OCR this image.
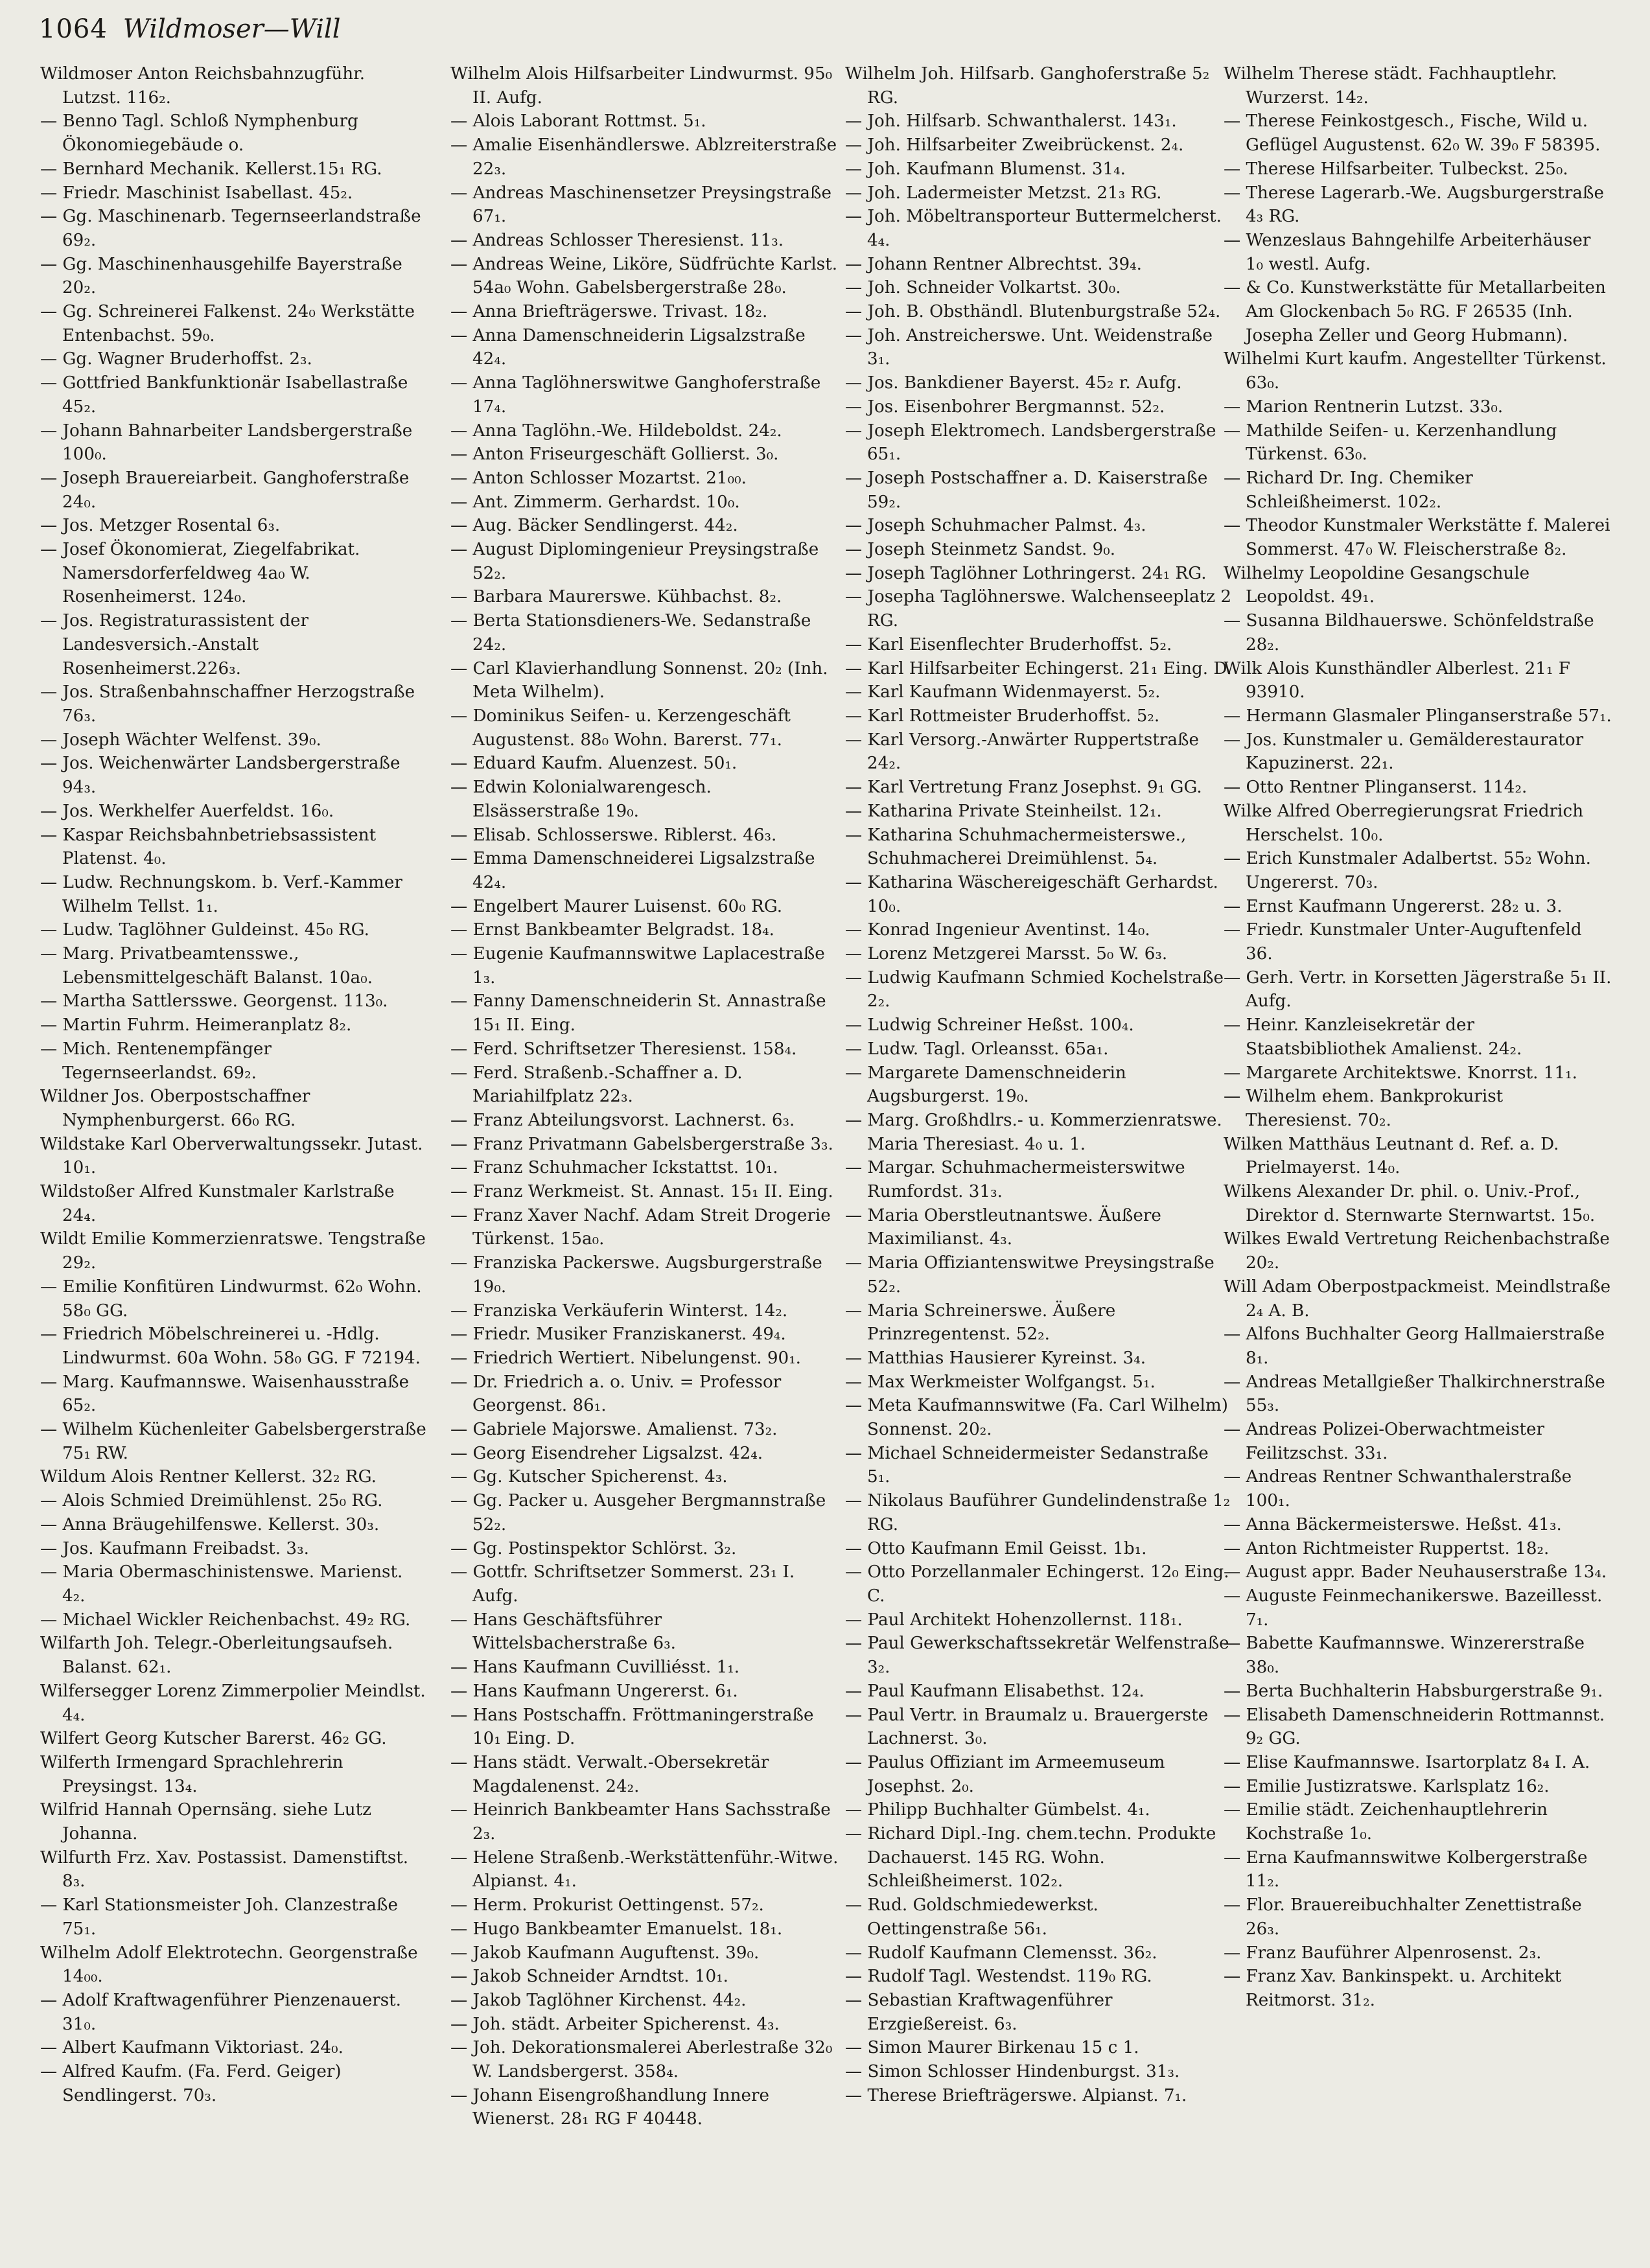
1064 Wildmoser—Will

Wildmoser Anton Reichsbahnzugführ. Lutzst. 116₂.

— Benno Tagl. Schloß Nymphenburg Ökonomiegebäude o.

— Bernhard Mechanik. Kellerst.15₁ RG.

— Friedr. Maschinist Isabellast. 45₂.

— Gg. Maschinenarb. Tegernseerlandstraße 69₂.

— Gg. Maschinenhausgehilfe Bayerstraße 20₂.

— Gg. Schreinerei Falkenst. 24₀ Werkstätte Entenbachst. 59₀.

— Gg. Wagner Bruderhoffst. 2₃.

— Gottfried Bankfunktionär Isabellastraße 45₂.

— Johann Bahnarbeiter Landsbergerstraße 100₀.

— Joseph Brauereiarbeit. Ganghoferstraße 24₀.

— Jos. Metzger Rosental 6₃.

— Josef Ökonomierat, Ziegelfabrikat. Namersdorferfeldweg 4a₀ W. Rosenheimerst. 124₀.

— Jos. Registraturassistent der Landesversich.-Anstalt Rosenheimerst.226₃.

— Jos. Straßenbahnschaffner Herzogstraße 76₃.

— Joseph Wächter Welfenst. 39₀.

— Jos. Weichenwärter Landsbergerstraße 94₃.

— Jos. Werkhelfer Auerfeldst. 16₀.

— Kaspar Reichsbahnbetriebsassistent Platenst. 4₀.

— Ludw. Rechnungskom. b. Verf.-Kammer Wilhelm Tellst. 1₁.

— Ludw. Taglöhner Guldeinst. 45₀ RG.

— Marg. Privatbeamtensswe., Lebensmittelgeschäft Balanst. 10a₀.

— Martha Sattlersswe. Georgenst. 113₀.

— Martin Fuhrm. Heimeranplatz 8₂.

— Mich. Rentenempfänger Tegernseerlandst. 69₂.

Wildner Jos. Oberpostschaffner Nymphenburgerst. 66₀ RG.

Wildstake Karl Oberverwaltungssekr. Jutast. 10₁.

Wildstoßer Alfred Kunstmaler Karlstraße 24₄.

Wildt Emilie Kommerzienratswe. Tengstraße 29₂.

— Emilie Konfitüren Lindwurmst. 62₀ Wohn. 58₀ GG.

— Friedrich Möbelschreinerei u. -Hdlg. Lindwurmst. 60a Wohn. 58₀ GG. F 72194.

— Marg. Kaufmannswe. Waisenhausstraße 65₂.

— Wilhelm Küchenleiter Gabelsbergerstraße 75₁ RW.

Wildum Alois Rentner Kellerst. 32₂ RG.

— Alois Schmied Dreimühlenst. 25₀ RG.

— Anna Bräugehilfenswe. Kellerst. 30₃.

— Jos. Kaufmann Freibadst. 3₃.

— Maria Obermaschinistenswe. Marienst. 4₂.

— Michael Wickler Reichenbachst. 49₂ RG.

Wilfarth Joh. Telegr.-Oberleitungsaufseh. Balanst. 62₁.

Wilfersegger Lorenz Zimmerpolier Meindlst. 4₄.

Wilfert Georg Kutscher Barerst. 46₂ GG.

Wilferth Irmengard Sprachlehrerin Preysingst. 13₄.

Wilfrid Hannah Opernsäng. siehe Lutz Johanna.

Wilfurth Frz. Xav. Postassist. Damenstiftst. 8₃.

— Karl Stationsmeister Joh. Clanzestraße 75₁.

Wilhelm Adolf Elektrotechn. Georgenstraße 14₀₀.

— Adolf Kraftwagenführer Pienzenauerst. 31₀.

— Albert Kaufmann Viktoriast. 24₀.

— Alfred Kaufm. (Fa. Ferd. Geiger) Sendlingerst. 70₃.

Wilhelm Alois Hilfsarbeiter Lindwurmst. 95₀ II. Aufg.

— Alois Laborant Rottmst. 5₁.

— Amalie Eisenhändlerswe. Ablzreiterstraße 22₃.

— Andreas Maschinensetzer Preysingstraße 67₁.

— Andreas Schlosser Theresienst. 11₃.

— Andreas Weine, Liköre, Südfrüchte Karlst. 54a₀ Wohn. Gabelsbergerstraße 28₀.

— Anna Briefträgerswe. Trivast. 18₂.

— Anna Damenschneiderin Ligsalzstraße 42₄.

— Anna Taglöhnerswitwe Ganghoferstraße 17₄.

— Anna Taglöhn.-We. Hildeboldst. 24₂.

— Anton Friseurgeschäft Gollierst. 3₀.

— Anton Schlosser Mozartst. 21₀₀.

— Ant. Zimmerm. Gerhardst. 10₀.

— Aug. Bäcker Sendlingerst. 44₂.

— August Diplomingenieur Preysingstraße 52₂.

— Barbara Maurerswe. Kühbachst. 8₂.

— Berta Stationsdieners-We. Sedanstraße 24₂.

— Carl Klavierhandlung Sonnenst. 20₂ (Inh. Meta Wilhelm).

— Dominikus Seifen- u. Kerzengeschäft Augustenst. 88₀ Wohn. Barerst. 77₁.

— Eduard Kaufm. Aluenzest. 50₁.

— Edwin Kolonialwarengesch. Elsässerstraße 19₀.

— Elisab. Schlosserswe. Riblerst. 46₃.

— Emma Damenschneiderei Ligsalzstraße 42₄.

— Engelbert Maurer Luisenst. 60₀ RG.

— Ernst Bankbeamter Belgradst. 18₄.

— Eugenie Kaufmannswitwe Laplacestraße 1₃.

— Fanny Damenschneiderin St. Annastraße 15₁ II. Eing.

— Ferd. Schriftsetzer Theresienst. 158₄.

— Ferd. Straßenb.-Schaffner a. D. Mariahilfplatz 22₃.

— Franz Abteilungsvorst. Lachnerst. 6₃.

— Franz Privatmann Gabelsbergerstraße 3₃.

— Franz Schuhmacher Ickstattst. 10₁.

— Franz Werkmeist. St. Annast. 15₁ II. Eing.

— Franz Xaver Nachf. Adam Streit Drogerie Türkenst. 15a₀.

— Franziska Packerswe. Augsburgerstraße 19₀.

— Franziska Verkäuferin Winterst. 14₂.

— Friedr. Musiker Franziskanerst. 49₄.

— Friedrich Wertiert. Nibelungenst. 90₁.

— Dr. Friedrich a. o. Univ. = Professor Georgenst. 86₁.

— Gabriele Majorswe. Amalienst. 73₂.

— Georg Eisendreher Ligsalzst. 42₄.

— Gg. Kutscher Spicherenst. 4₃.

— Gg. Packer u. Ausgeher Bergmannstraße 52₂.

— Gg. Postinspektor Schlörst. 3₂.

— Gottfr. Schriftsetzer Sommerst. 23₁ I. Aufg.

— Hans Geschäftsführer Wittelsbacherstraße 6₃.

— Hans Kaufmann Cuvilliésst. 1₁.

— Hans Kaufmann Ungererst. 6₁.

— Hans Postschaffn. Fröttmaningerstraße 10₁ Eing. D.

— Hans städt. Verwalt.-Obersekretär Magdalenenst. 24₂.

— Heinrich Bankbeamter Hans Sachsstraße 2₃.

— Helene Straßenb.-Werkstättenführ.-Witwe. Alpianst. 4₁.

— Herm. Prokurist Oettingenst. 57₂.

— Hugo Bankbeamter Emanuelst. 18₁.

— Jakob Kaufmann Auguftenst. 39₀.

— Jakob Schneider Arndtst. 10₁.

— Jakob Taglöhner Kirchenst. 44₂.

— Joh. städt. Arbeiter Spicherenst. 4₃.

— Joh. Dekorationsmalerei Aberlestraße 32₀ W. Landsbergerst. 358₄.

— Johann Eisengroßhandlung Innere Wienerst. 28₁ RG F 40448.

Wilhelm Joh. Hilfsarb. Ganghoferstraße 5₂ RG.

— Joh. Hilfsarb. Schwanthalerst. 143₁.

— Joh. Hilfsarbeiter Zweibrückenst. 2₄.

— Joh. Kaufmann Blumenst. 31₄.

— Joh. Ladermeister Metzst. 21₃ RG.

— Joh. Möbeltransporteur Buttermelcherst. 4₄.

— Johann Rentner Albrechtst. 39₄.

— Joh. Schneider Volkartst. 30₀.

— Joh. B. Obsthändl. Blutenburgstraße 52₄.

— Joh. Anstreicherswe. Unt. Weidenstraße 3₁.

— Jos. Bankdiener Bayerst. 45₂ r. Aufg.

— Jos. Eisenbohrer Bergmannst. 52₂.

— Joseph Elektromech. Landsbergerstraße 65₁.

— Joseph Postschaffner a. D. Kaiserstraße 59₂.

— Joseph Schuhmacher Palmst. 4₃.

— Joseph Steinmetz Sandst. 9₀.

— Joseph Taglöhner Lothringerst. 24₁ RG.

— Josepha Taglöhnerswe. Walchenseeplatz 2 RG.

— Karl Eisenflechter Bruderhoffst. 5₂.

— Karl Hilfsarbeiter Echingerst. 21₁ Eing. D.

— Karl Kaufmann Widenmayerst. 5₂.

— Karl Rottmeister Bruderhoffst. 5₂.

— Karl Versorg.-Anwärter Ruppertstraße 24₂.

— Karl Vertretung Franz Josephst. 9₁ GG.

— Katharina Private Steinheilst. 12₁.

— Katharina Schuhmachermeisterswe., Schuhmacherei Dreimühlenst. 5₄.

— Katharina Wäschereigeschäft Gerhardst. 10₀.

— Konrad Ingenieur Aventinst. 14₀.

— Lorenz Metzgerei Marsst. 5₀ W. 6₃.

— Ludwig Kaufmann Schmied Kochelstraße 2₂.

— Ludwig Schreiner Heßst. 100₄.

— Ludw. Tagl. Orleansst. 65a₁.

— Margarete Damenschneiderin Augsburgerst. 19₀.

— Marg. Großhdlrs.- u. Kommerzienratswe. Maria Theresiast. 4₀ u. 1.

— Margar. Schuhmachermeisterswitwe Rumfordst. 31₃.

— Maria Oberstleutnantswe. Äußere Maximilianst. 4₃.

— Maria Offiziantenswitwe Preysingstraße 52₂.

— Maria Schreinerswe. Äußere Prinzregentenst. 52₂.

— Matthias Hausierer Kyreinst. 3₄.

— Max Werkmeister Wolfgangst. 5₁.

— Meta Kaufmannswitwe (Fa. Carl Wilhelm) Sonnenst. 20₂.

— Michael Schneidermeister Sedanstraße 5₁.

— Nikolaus Bauführer Gundelindenstraße 1₂ RG.

— Otto Kaufmann Emil Geisst. 1b₁.

— Otto Porzellanmaler Echingerst. 12₀ Eing. C.

— Paul Architekt Hohenzollernst. 118₁.

— Paul Gewerkschaftssekretär Welfenstraße 3₂.

— Paul Kaufmann Elisabethst. 12₄.

— Paul Vertr. in Braumalz u. Brauergerste Lachnerst. 3₀.

— Paulus Offiziant im Armeemuseum Josephst. 2₀.

— Philipp Buchhalter Gümbelst. 4₁.

— Richard Dipl.-Ing. chem.techn. Produkte Dachauerst. 145 RG. Wohn. Schleißheimerst. 102₂.

— Rud. Goldschmiedewerkst. Oettingenstraße 56₁.

— Rudolf Kaufmann Clemensst. 36₂.

— Rudolf Tagl. Westendst. 119₀ RG.

— Sebastian Kraftwagenführer Erzgießereist. 6₃.

— Simon Maurer Birkenau 15 c 1.

— Simon Schlosser Hindenburgst. 31₃.

— Therese Briefträgerswe. Alpianst. 7₁.

Wilhelm Therese städt. Fachhauptlehr. Wurzerst. 14₂.

— Therese Feinkostgesch., Fische, Wild u. Geflügel Augustenst. 62₀ W. 39₀ F 58395.

— Therese Hilfsarbeiter. Tulbeckst. 25₀.

— Therese Lagerarb.-We. Augsburgerstraße 4₃ RG.

— Wenzeslaus Bahngehilfe Arbeiterhäuser 1₀ westl. Aufg.

— & Co. Kunstwerkstätte für Metallarbeiten Am Glockenbach 5₀ RG. F 26535 (Inh. Josepha Zeller und Georg Hubmann).

Wilhelmi Kurt kaufm. Angestellter Türkenst. 63₀.

— Marion Rentnerin Lutzst. 33₀.

— Mathilde Seifen- u. Kerzenhandlung Türkenst. 63₀.

— Richard Dr. Ing. Chemiker Schleißheimerst. 102₂.

— Theodor Kunstmaler Werkstätte f. Malerei Sommerst. 47₀ W. Fleischerstraße 8₂.

Wilhelmy Leopoldine Gesangschule Leopoldst. 49₁.

— Susanna Bildhauerswe. Schönfeldstraße 28₂.

Wilk Alois Kunsthändler Alberlest. 21₁ F 93910.

— Hermann Glasmaler Plinganserstraße 57₁.

— Jos. Kunstmaler u. Gemälderestaurator Kapuzinerst. 22₁.

— Otto Rentner Plinganserst. 114₂.

Wilke Alfred Oberregierungsrat Friedrich Herschelst. 10₀.

— Erich Kunstmaler Adalbertst. 55₂ Wohn. Ungererst. 70₃.

— Ernst Kaufmann Ungererst. 28₂ u. 3.

— Friedr. Kunstmaler Unter-Auguftenfeld 36.

— Gerh. Vertr. in Korsetten Jägerstraße 5₁ II. Aufg.

— Heinr. Kanzleisekretär der Staatsbibliothek Amalienst. 24₂.

— Margarete Architektswe. Knorrst. 11₁.

— Wilhelm ehem. Bankprokurist Theresienst. 70₂.

Wilken Matthäus Leutnant d. Ref. a. D. Prielmayerst. 14₀.

Wilkens Alexander Dr. phil. o. Univ.-Prof., Direktor d. Sternwarte Sternwartst. 15₀.

Wilkes Ewald Vertretung Reichenbachstraße 20₂.

Will Adam Oberpostpackmeist. Meindlstraße 2₄ A. B.

— Alfons Buchhalter Georg Hallmaierstraße 8₁.

— Andreas Metallgießer Thalkirchnerstraße 55₃.

— Andreas Polizei-Oberwachtmeister Feilitzschst. 33₁.

— Andreas Rentner Schwanthalerstraße 100₁.

— Anna Bäckermeisterswe. Heßst. 41₃.

— Anton Richtmeister Ruppertst. 18₂.

— August appr. Bader Neuhauserstraße 13₄.

— Auguste Feinmechanikerswe. Bazeillesst. 7₁.

— Babette Kaufmannswe. Winzererstraße 38₀.

— Berta Buchhalterin Habsburgerstraße 9₁.

— Elisabeth Damenschneiderin Rottmannst. 9₂ GG.

— Elise Kaufmannswe. Isartorplatz 8₄ I. A.

— Emilie Justizratswe. Karlsplatz 16₂.

— Emilie städt. Zeichenhauptlehrerin Kochstraße 1₀.

— Erna Kaufmannswitwe Kolbergerstraße 11₂.

— Flor. Brauereibuchhalter Zenettistraße 26₃.

— Franz Bauführer Alpenrosenst. 2₃.

— Franz Xav. Bankinspekt. u. Architekt Reitmorst. 31₂.
